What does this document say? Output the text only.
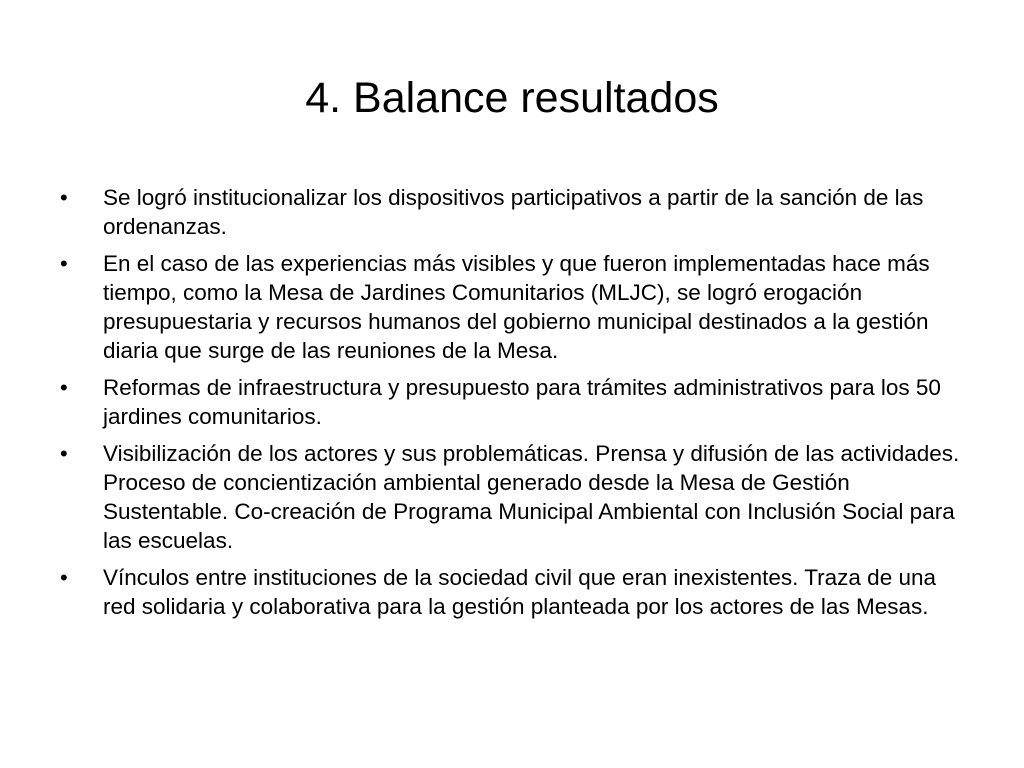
4. Balance resultados
•	Se logró institucionalizar los dispositivos participativos a partir de la sanción de las ordenanzas.
•	En el caso de las experiencias más visibles y que fueron implementadas hace más tiempo, como la Mesa de Jardines Comunitarios (MLJC), se logró erogación presupuestaria y recursos humanos del gobierno municipal destinados a la gestión diaria que surge de las reuniones de la Mesa.
•	Reformas de infraestructura y presupuesto para trámites administrativos para los 50 jardines comunitarios.
•	Visibilización de los actores y sus problemáticas. Prensa y difusión de las actividades. Proceso de concientización ambiental generado desde la Mesa de Gestión Sustentable. Co-creación de Programa Municipal Ambiental con Inclusión Social para las escuelas.
•	Vínculos entre instituciones de la sociedad civil que eran inexistentes. Traza de una red solidaria y colaborativa para la gestión planteada por los actores de las Mesas.
